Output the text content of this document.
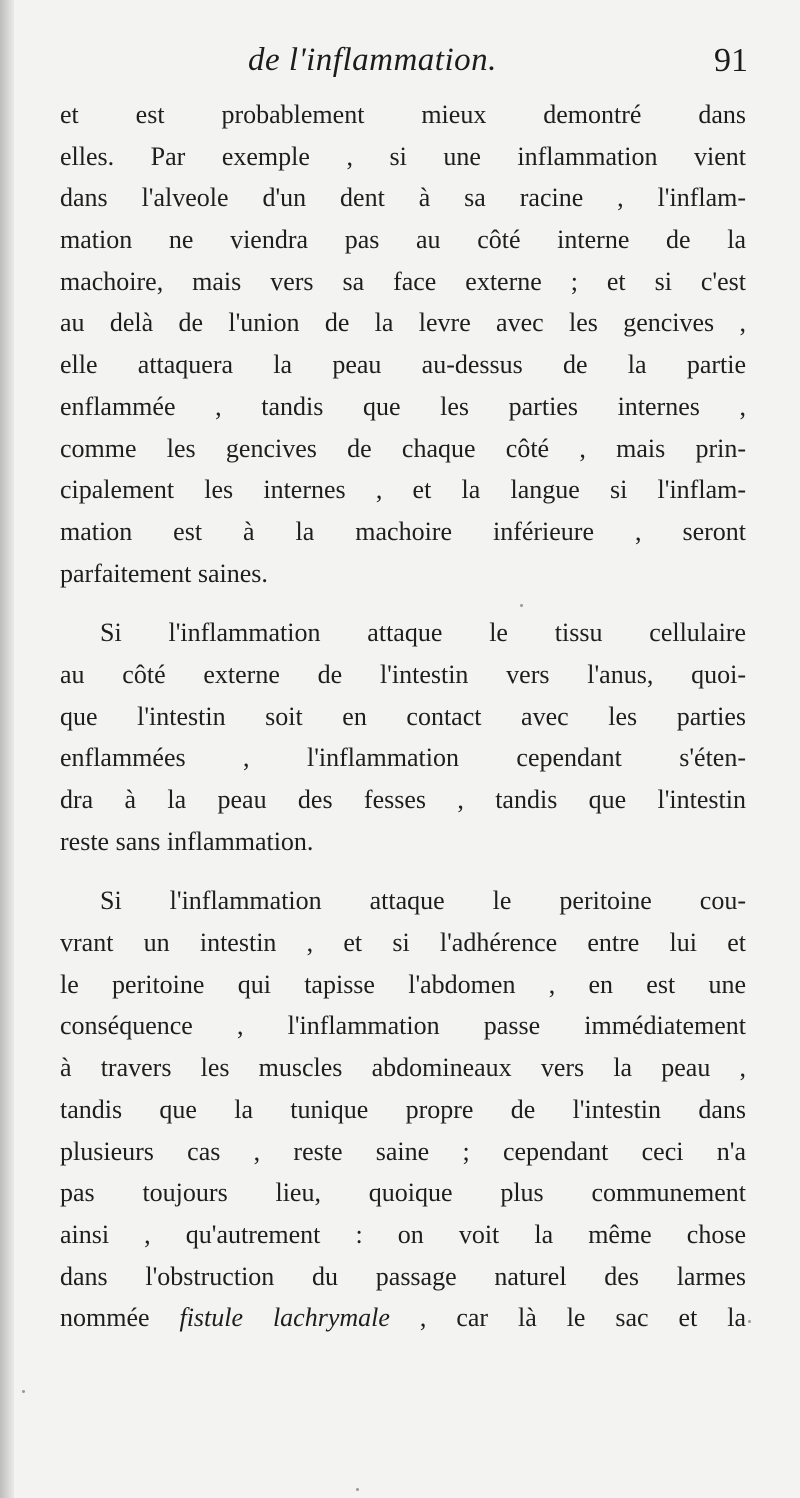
de l'inflammation.	91
et est probablement mieux demontré dans
elles. Par exemple , si une inflammation vient
dans l'alveole d'un dent à sa racine , l'inflam-
mation ne viendra pas au côté interne de la
machoire, mais vers sa face externe ; et si c'est
au delà de l'union de la levre avec les gencives ,
elle attaquera la peau au-dessus de la partie
enflammée , tandis que les parties internes ,
comme les gencives de chaque côté , mais prin-
cipalement les internes , et la langue si l'inflam-
mation est à la machoire inférieure , seront
parfaitement saines.
Si l'inflammation attaque le tissu cellulaire
au côté externe de l'intestin vers l'anus, quoi-
que l'intestin soit en contact avec les parties
enflammées , l'inflammation cependant s'éten-
dra à la peau des fesses , tandis que l'intestin
reste sans inflammation.
Si l'inflammation attaque le peritoine cou-
vrant un intestin , et si l'adhérence entre lui et
le peritoine qui tapisse l'abdomen , en est une
conséquence , l'inflammation passe immédiatement
à travers les muscles abdomineaux vers la peau ,
tandis que la tunique propre de l'intestin dans
plusieurs cas , reste saine ; cependant ceci n'a
pas toujours lieu, quoique plus communement
ainsi , qu'autrement : on voit la même chose
dans l'obstruction du passage naturel des larmes
nommée fistule lachrymale , car là le sac et la
